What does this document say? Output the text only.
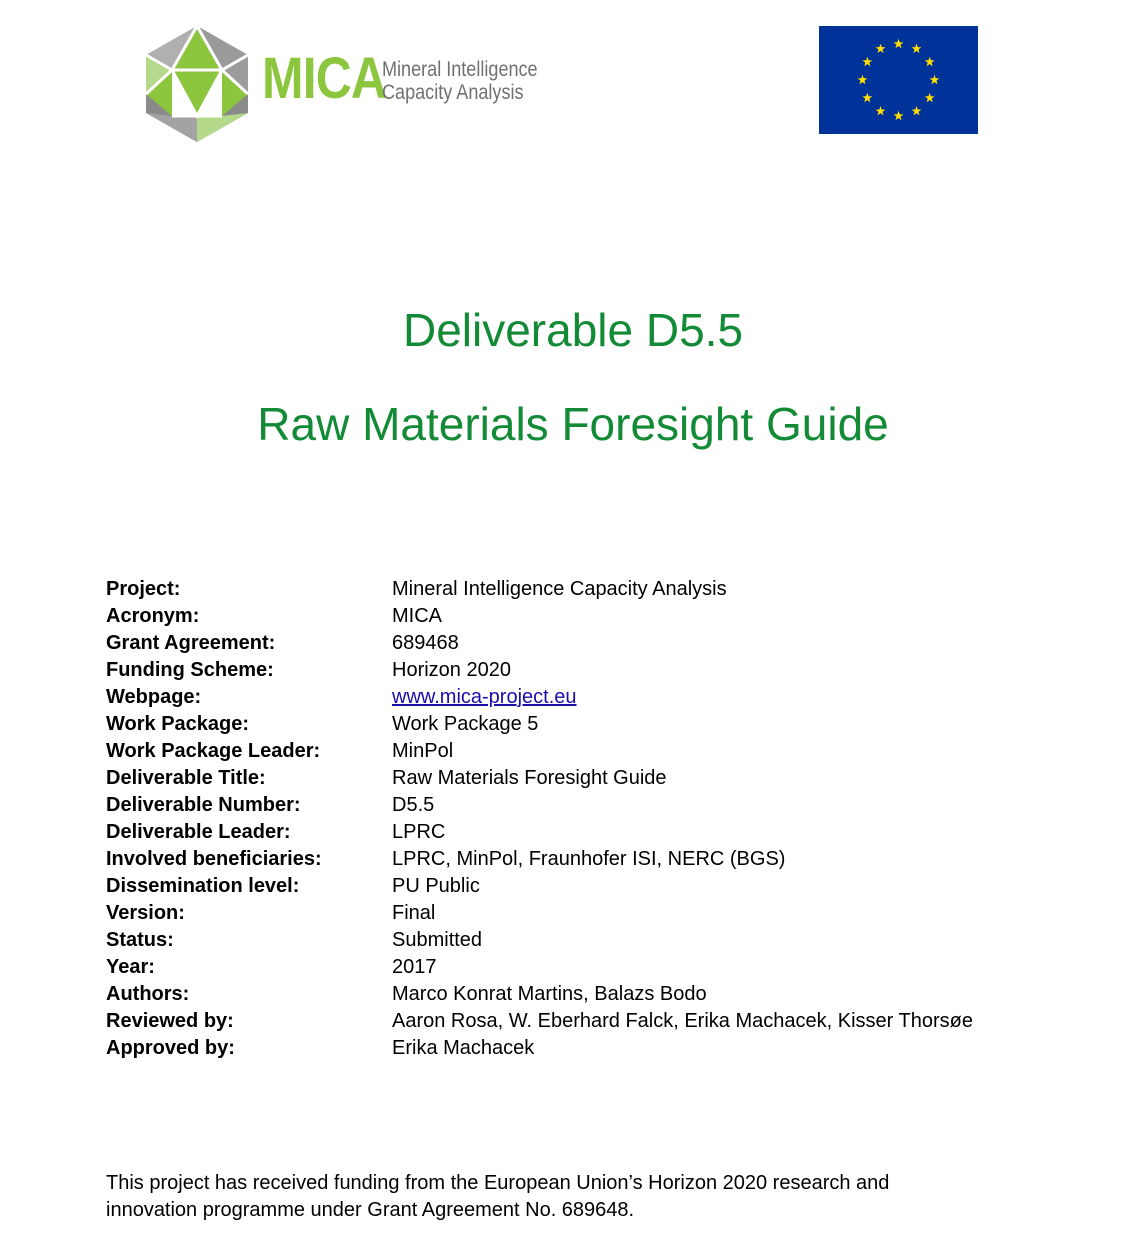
MICA
Mineral Intelligence
Capacity Analysis
Deliverable D5.5
Raw Materials Foresight Guide
Project:	Mineral Intelligence Capacity Analysis
Acronym:	MICA
Grant Agreement:	689468
Funding Scheme:	Horizon 2020
Webpage:	www.mica-project.eu
Work Package:	Work Package 5
Work Package Leader:	MinPol
Deliverable Title:	Raw Materials Foresight Guide
Deliverable Number:	D5.5
Deliverable Leader:	LPRC
Involved beneficiaries:	LPRC, MinPol, Fraunhofer ISI, NERC (BGS)
Dissemination level:	PU Public
Version:	Final
Status:	Submitted
Year:	2017
Authors:	Marco Konrat Martins, Balazs Bodo
Reviewed by:	Aaron Rosa, W. Eberhard Falck, Erika Machacek, Kisser Thorsøe
Approved by:	Erika Machacek
This project has received funding from the European Union’s Horizon 2020 research and
innovation programme under Grant Agreement No. 689648.
